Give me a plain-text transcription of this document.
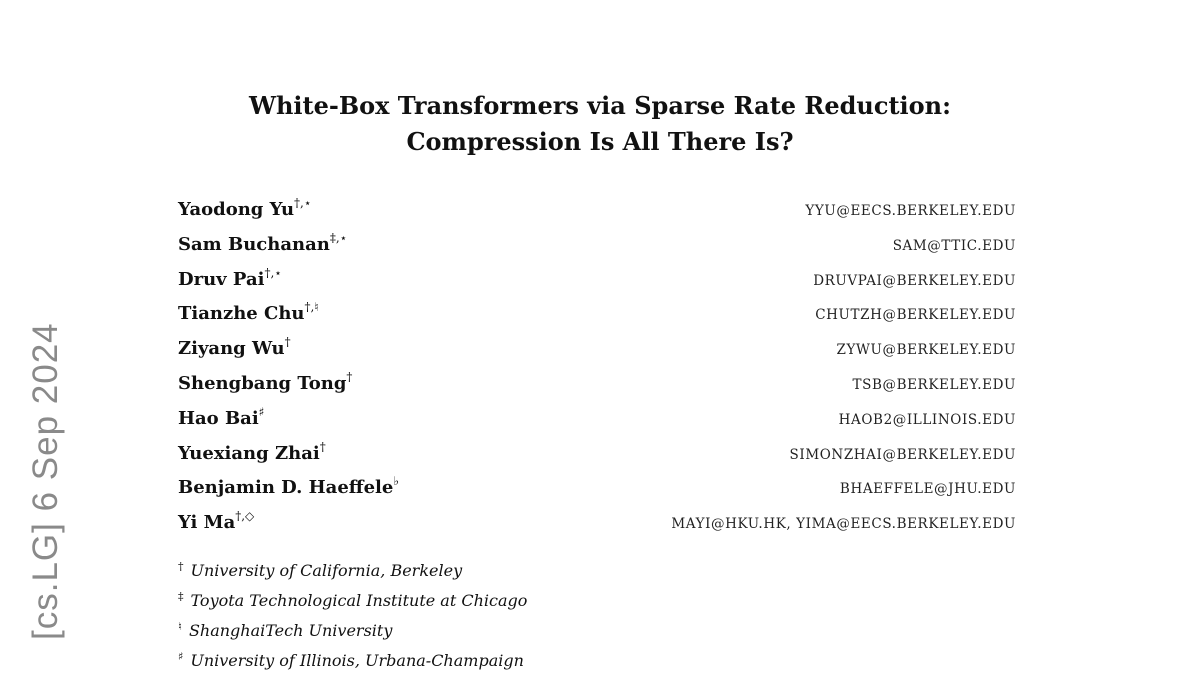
[cs.LG] 6 Sep 2024
White-Box Transformers via Sparse Rate Reduction:
Compression Is All There Is?
Yaodong Yu†,⋆	YYU@EECS.BERKELEY.EDU
Sam Buchanan‡,⋆	SAM@TTIC.EDU
Druv Pai†,⋆	DRUVPAI@BERKELEY.EDU
Tianzhe Chu†,♮	CHUTZH@BERKELEY.EDU
Ziyang Wu†	ZYWU@BERKELEY.EDU
Shengbang Tong†	TSB@BERKELEY.EDU
Hao Bai♯	HAOB2@ILLINOIS.EDU
Yuexiang Zhai†	SIMONZHAI@BERKELEY.EDU
Benjamin D. Haeffele♭	BHAEFFELE@JHU.EDU
Yi Ma†,◇	MAYI@HKU.HK, YIMA@EECS.BERKELEY.EDU
† University of California, Berkeley
‡ Toyota Technological Institute at Chicago
♮ ShanghaiTech University
♯ University of Illinois, Urbana-Champaign
